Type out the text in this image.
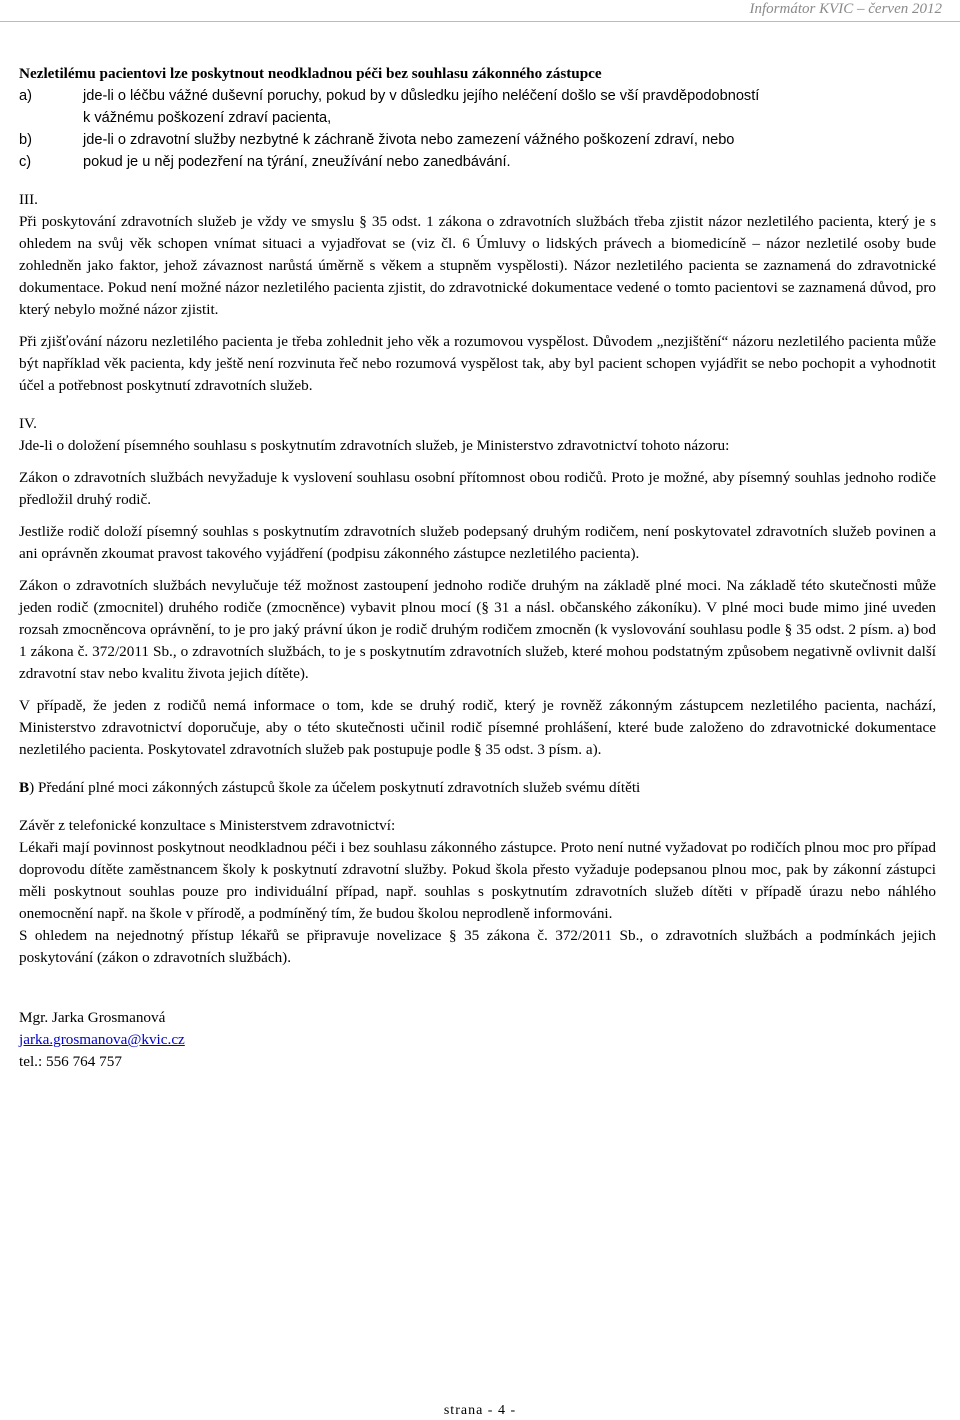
Informátor KVIC – červen 2012

Nezletilému pacientovi lze poskytnout neodkladnou péči bez souhlasu zákonného zástupce

a)	jde-li o léčbu vážné duševní poruchy, pokud by v důsledku jejího neléčení došlo se vší pravděpodobností
k vážnému poškození zdraví pacienta,
b)	jde-li o zdravotní služby nezbytné k záchraně života nebo zamezení vážného poškození zdraví, nebo
c)	pokud je u něj podezření na týrání, zneužívání nebo zanedbávání.

III.

Při poskytování zdravotních služeb je vždy ve smyslu § 35 odst. 1 zákona o zdravotních službách třeba zjistit názor nezletilého pacienta, který je s ohledem na svůj věk schopen vnímat situaci a vyjadřovat se (viz čl. 6 Úmluvy o lidských právech a biomedicíně – názor nezletilé osoby bude zohledněn jako faktor, jehož závaznost narůstá úměrně s věkem a stupněm vyspělosti). Názor nezletilého pacienta se zaznamená do zdravotnické dokumentace. Pokud není možné názor nezletilého pacienta zjistit, do zdravotnické dokumentace vedené o tomto pacientovi se zaznamená důvod, pro který nebylo možné názor zjistit.

Při zjišťování názoru nezletilého pacienta je třeba zohlednit jeho věk a rozumovou vyspělost. Důvodem „nezjištění“ názoru nezletilého pacienta může být například věk pacienta, kdy ještě není rozvinuta řeč nebo rozumová vyspělost tak, aby byl pacient schopen vyjádřit se nebo pochopit a vyhodnotit účel a potřebnost poskytnutí zdravotních služeb.

IV.

Jde-li o doložení písemného souhlasu s poskytnutím zdravotních služeb, je Ministerstvo zdravotnictví tohoto názoru:

Zákon o zdravotních službách nevyžaduje k vyslovení souhlasu osobní přítomnost obou rodičů. Proto je možné, aby písemný souhlas jednoho rodiče předložil druhý rodič.

Jestliže rodič doloží písemný souhlas s poskytnutím zdravotních služeb podepsaný druhým rodičem, není poskytovatel zdravotních služeb povinen a ani oprávněn zkoumat pravost takového vyjádření (podpisu zákonného zástupce nezletilého pacienta).

Zákon o zdravotních službách nevylučuje též možnost zastoupení jednoho rodiče druhým na základě plné moci. Na základě této skutečnosti může jeden rodič (zmocnitel) druhého rodiče (zmocněnce) vybavit plnou mocí (§ 31 a násl. občanského zákoníku). V plné moci bude mimo jiné uveden rozsah zmocněncova oprávnění, to je pro jaký právní úkon je rodič druhým rodičem zmocněn (k vyslovování souhlasu podle § 35 odst. 2 písm. a) bod 1 zákona č. 372/2011 Sb., o zdravotních službách, to je s poskytnutím zdravotních služeb, které mohou podstatným způsobem negativně ovlivnit další zdravotní stav nebo kvalitu života jejich dítěte).

V případě, že jeden z rodičů nemá informace o tom, kde se druhý rodič, který je rovněž zákonným zástupcem nezletilého pacienta, nachází, Ministerstvo zdravotnictví doporučuje, aby o této skutečnosti učinil rodič písemné prohlášení, které bude založeno do zdravotnické dokumentace nezletilého pacienta. Poskytovatel zdravotních služeb pak postupuje podle § 35 odst. 3 písm. a).

B) Předání plné moci zákonných zástupců škole za účelem poskytnutí zdravotních služeb svému dítěti

Závěr z telefonické konzultace s Ministerstvem zdravotnictví:

Lékaři mají povinnost poskytnout neodkladnou péči i bez souhlasu zákonného zástupce. Proto není nutné vyžadovat po rodičích plnou moc pro případ doprovodu dítěte zaměstnancem školy k poskytnutí zdravotní služby. Pokud škola přesto vyžaduje podepsanou plnou moc, pak by zákonní zástupci měli poskytnout souhlas pouze pro individuální případ, např. souhlas s poskytnutím zdravotních služeb dítěti v případě úrazu nebo náhlého onemocnění např. na škole v přírodě, a podmíněný tím, že budou školou neprodleně informováni.

S ohledem na nejednotný přístup lékařů se připravuje novelizace § 35 zákona č. 372/2011 Sb., o zdravotních službách a podmínkách jejich poskytování (zákon o zdravotních službách).

Mgr. Jarka Grosmanová

jarka.grosmanova@kvic.cz

tel.: 556 764 757

strana - 4 -
